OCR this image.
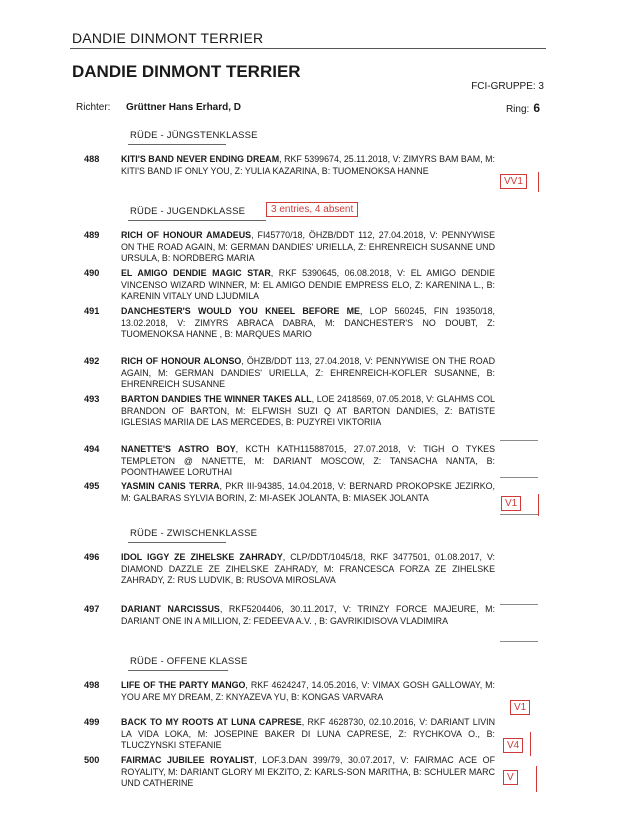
DANDIE DINMONT TERRIER
DANDIE DINMONT TERRIER
FCI-GRUPPE: 3
Richter: Grüttner Hans Erhard, D	Ring: 6
RÜDE - JÜNGSTENKLASSE
488 KITI'S BAND NEVER ENDING DREAM, RKF 5399674, 25.11.2018, V: ZIMYRS BAM BAM, M: KITI'S BAND IF ONLY YOU, Z: YULIA KAZARINA, B: TUOMENOKSA HANNE
VV1
RÜDE - JUGENDKLASSE	3 entries, 4 absent
489 RICH OF HONOUR AMADEUS, FI45770/18, ÖHZB/DDT 112, 27.04.2018, V: PENNYWISE ON THE ROAD AGAIN, M: GERMAN DANDIES' URIELLA, Z: EHRENREICH SUSANNE UND URSULA, B: NORDBERG MARIA
490 EL AMIGO DENDIE MAGIC STAR, RKF 5390645, 06.08.2018, V: EL AMIGO DENDIE VINCENSO WIZARD WINNER, M: EL AMIGO DENDIE EMPRESS ELO, Z: KARENINA L., B: KARENIN VITALY UND LJUDMILA
491 DANCHESTER'S WOULD YOU KNEEL BEFORE ME, LOP 560245, FIN 19350/18, 13.02.2018, V: ZIMYRS ABRACA DABRA, M: DANCHESTER'S NO DOUBT, Z: TUOMENOKSA HANNE , B: MARQUES MARIO
492 RICH OF HONOUR ALONSO, ÖHZB/DDT 113, 27.04.2018, V: PENNYWISE ON THE ROAD AGAIN, M: GERMAN DANDIES' URIELLA, Z: EHRENREICH-KOFLER SUSANNE, B: EHRENREICH SUSANNE
493 BARTON DANDIES THE WINNER TAKES ALL, LOE 2418569, 07.05.2018, V: GLAHMS COL BRANDON OF BARTON, M: ELFWISH SUZI Q AT BARTON DANDIES, Z: BATISTE IGLESIAS MARIIA DE LAS MERCEDES, B: PUZYREI VIKTORIIA
494 NANETTE'S ASTRO BOY, KCTH KATH115887015, 27.07.2018, V: TIGH O TYKES TEMPLETON @ NANETTE, M: DARIANT MOSCOW, Z: TANSACHA NANTA, B: POONTHAWEE LORUTHAI
495 YASMIN CANIS TERRA, PKR III-94385, 14.04.2018, V: BERNARD PROKOPSKE JEZIRKO, M: GALBARAS SYLVIA BORIN, Z: MI-ASEK JOLANTA, B: MIASEK JOLANTA
V1
RÜDE - ZWISCHENKLASSE
496 IDOL IGGY ZE ZIHELSKE ZAHRADY, CLP/DDT/1045/18, RKF 3477501, 01.08.2017, V: DIAMOND DAZZLE ZE ZIHELSKE ZAHRADY, M: FRANCESCA FORZA ZE ZIHELSKE ZAHRADY, Z: RUS LUDVIK, B: RUSOVA MIROSLAVA
497 DARIANT NARCISSUS, RKF5204406, 30.11.2017, V: TRINZY FORCE MAJEURE, M: DARIANT ONE IN A MILLION, Z: FEDEEVA A.V. , B: GAVRIKIDISOVA VLADIMIRA
RÜDE - OFFENE KLASSE
498 LIFE OF THE PARTY MANGO, RKF 4624247, 14.05.2016, V: VIMAX GOSH GALLOWAY, M: YOU ARE MY DREAM, Z: KNYAZEVA YU, B: KONGAS VARVARA
V1
499 BACK TO MY ROOTS AT LUNA CAPRESE, RKF 4628730, 02.10.2016, V: DARIANT LIVIN LA VIDA LOKA, M: JOSEPINE BAKER DI LUNA CAPRESE, Z: RYCHKOVA O., B: TLUCZYNSKI STEFANIE	V4
500 FAIRMAC JUBILEE ROYALIST, LOF.3.DAN 399/79, 30.07.2017, V: FAIRMAC ACE OF ROYALITY, M: DARIANT GLORY MI EKZITO, Z: KARLS-SON MARITHA, B: SCHULER MARC UND CATHERINE	V
